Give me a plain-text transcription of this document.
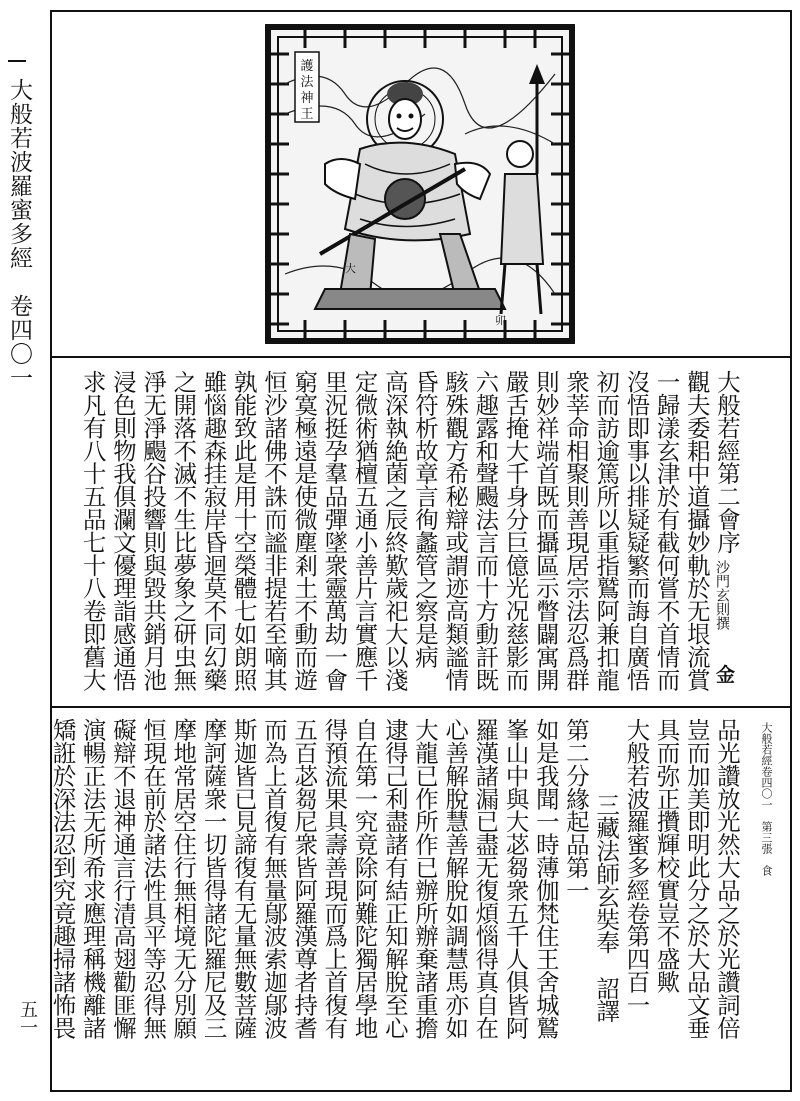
大般若波羅蜜多經　卷四〇一
五一
護
法
神
王
大
卯
大般若經第二會序
觀夫委耜中道攝妙軌於无垠流賞
一歸漾玄津於有截何嘗不首情而
沒悟即事以排疑疑繁而誨自廣悟
初而訪逾篤所以重指鷲阿兼扣龍
衆莘命相聚則善現居宗法忍爲群
則妙祥端首既而攝區示瞥闢寓開
嚴舌掩大千身分巨億光况慈影而
六趣露和聲颺法言而十方動訐既
駭殊觀方希秘辯或謂迹高類謐情
昏符析故章言徇蠡管之察是病
高深執絶菌之辰終歎歲祀大以淺
定微術猶檀五通小善片言實應千
里況挺孕羣品彈墜衆靈萬劫一會
窮寞極遠是使微塵剎土不動而遊
恒沙諸佛不誅而謐非提若至嘀其
孰能致此是用十空榮體七如朗照
雖惱趣森挂寂岸昏迴莫不同幻藥
之開落不滅不生比夢象之研虫無
淨无淨颺谷投響則與毀共銷月池
浸色則物我俱瀾文優理詣感通悟
求凡有八十五品七十八卷即舊大	沙門玄則撰
金
品光讚放光然大品之於光讚詞倍
豈而加美即明此分之於大品文垂
具而弥正攢輝校實豈不盛歟
大般若波羅蜜多經卷第四百一
三藏法師玄奘奉　詔譯
第二分緣起品第一
如是我聞一時薄伽梵住王舍城鷲
峯山中與大苾芻衆五千人俱皆阿
羅漢諸漏已盡无復煩惱得真自在
心善解脫慧善解脫如調慧馬亦如
大龍已作所作已辦所辦棄諸重擔
逮得己利盡諸有結正知解脫至心
自在第一究竟除阿難陀獨居學地
得預流果具壽善現而爲上首復有
五百苾芻尼衆皆阿羅漢尊者持耆
而為上首復有無量鄔波索迦鄔波
斯迦皆已見諦復有无量無數菩薩
摩訶薩衆一切皆得諸陀羅尼及三
摩地常居空住行無相境无分別願
恒現在前於諸法性具平等忍得無
礙辯不退神通言行清高翅勸匪懈
演暢正法无所希求應理稱機離諸
矯誑於深法忍到究竟趣掃諸怖畏	大般若經卷四〇一　第三張　食
